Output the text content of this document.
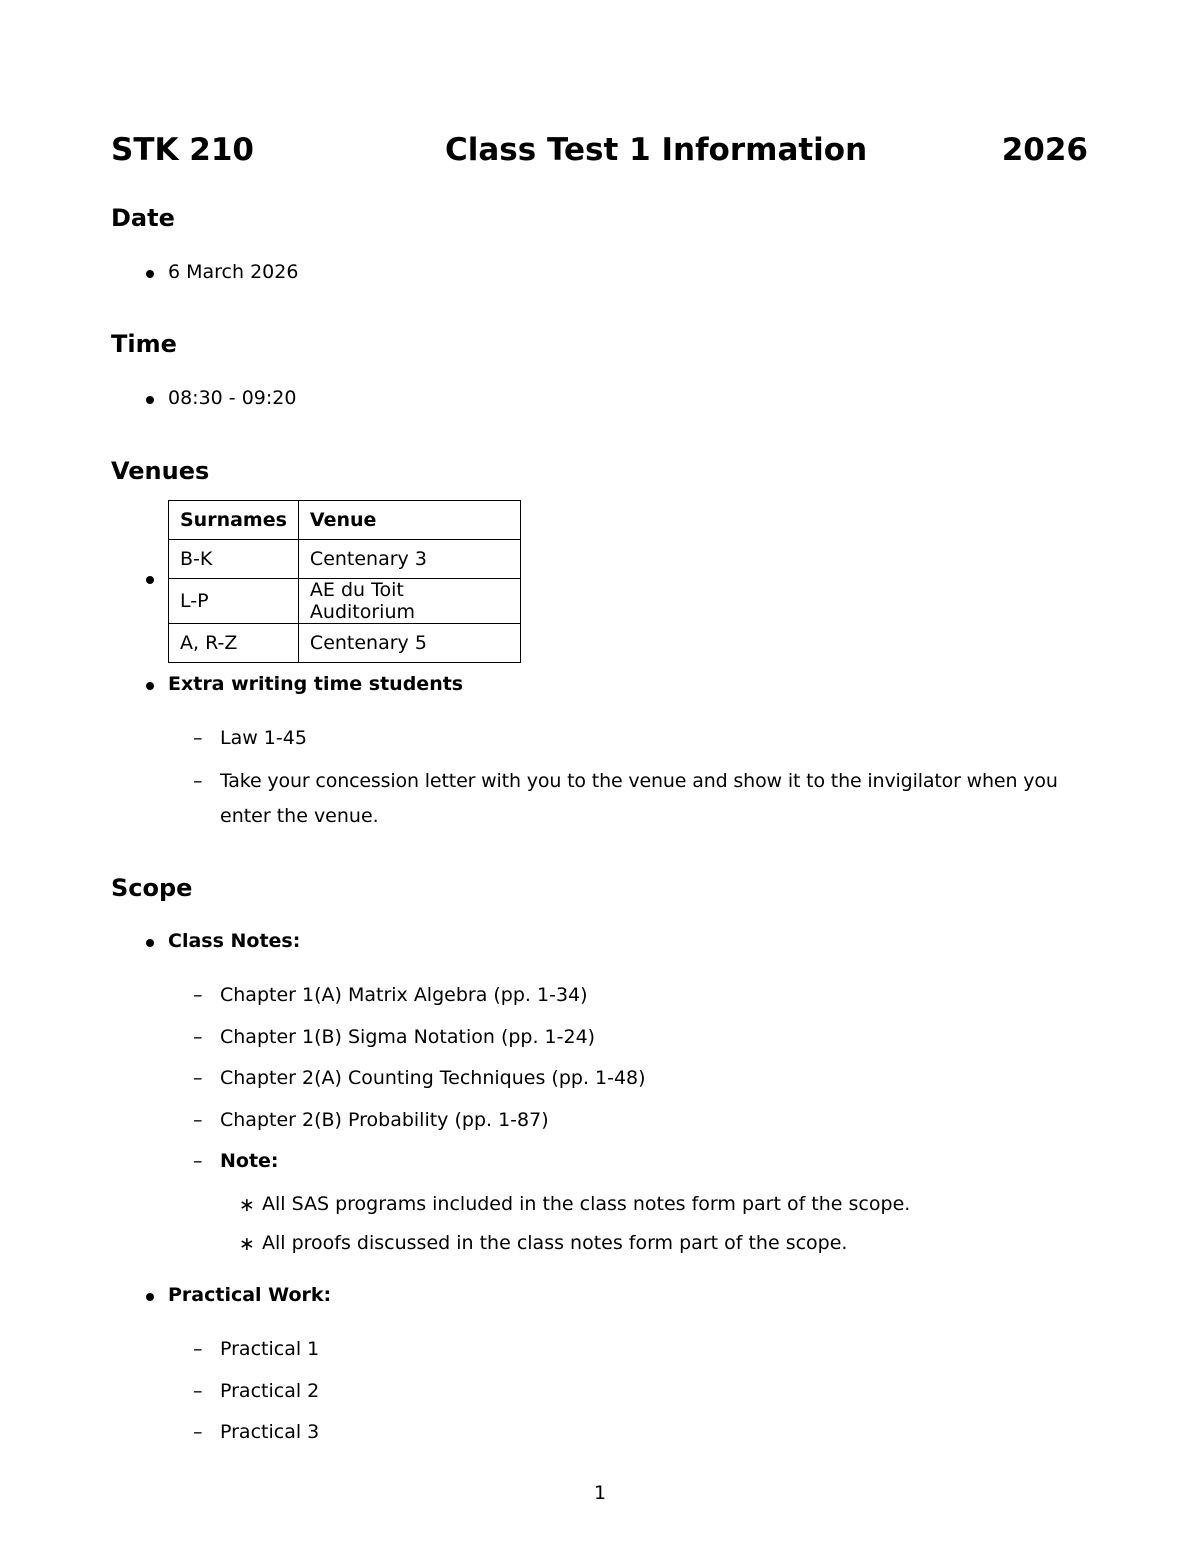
STK 210	Class Test 1 Information	2026
Date
6 March 2026
Time
08:30 - 09:20
Venues
Surnames	Venue
B-K	Centenary 3
L-P	AE du Toit Auditorium
A, R-Z	Centenary 5
Extra writing time students
– Law 1-45
– Take your concession letter with you to the venue and show it to the invigilator when you
enter the venue.
Scope
Class Notes:
– Chapter 1(A) Matrix Algebra (pp. 1-34)
– Chapter 1(B) Sigma Notation (pp. 1-24)
– Chapter 2(A) Counting Techniques (pp. 1-48)
– Chapter 2(B) Probability (pp. 1-87)
– Note:
∗ All SAS programs included in the class notes form part of the scope.
∗ All proofs discussed in the class notes form part of the scope.
Practical Work:
– Practical 1
– Practical 2
– Practical 3
1
